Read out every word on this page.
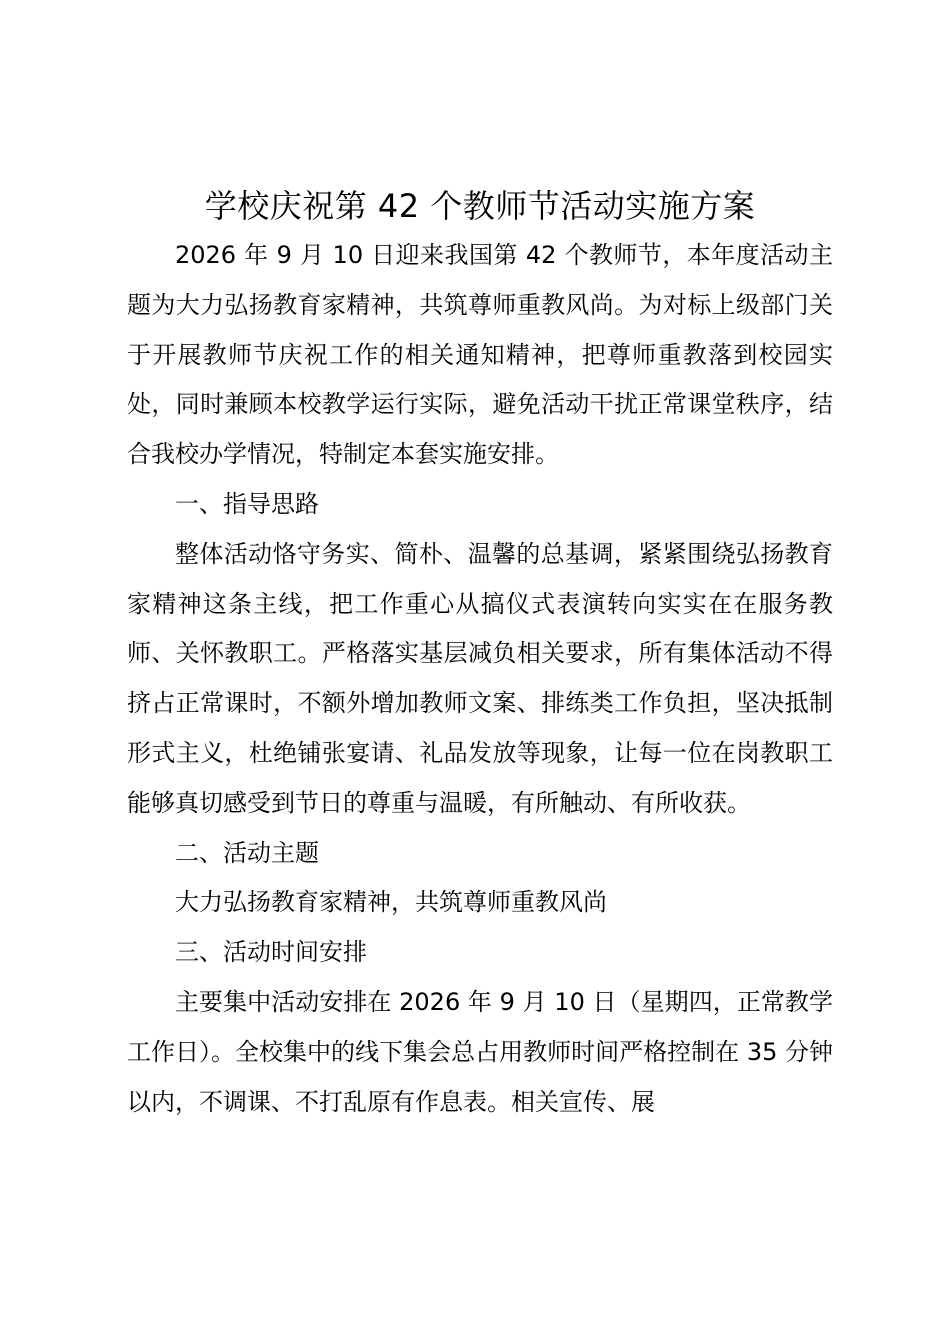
学校庆祝第 42 个教师节活动实施方案

2026 年 9 月 10 日迎来我国第 42 个教师节，本年度活动主题为大力弘扬教育家精神，共筑尊师重教风尚。为对标上级部门关于开展教师节庆祝工作的相关通知精神，把尊师重教落到校园实处，同时兼顾本校教学运行实际，避免活动干扰正常课堂秩序，结合我校办学情况，特制定本套实施安排。

一、指导思路

整体活动恪守务实、简朴、温馨的总基调，紧紧围绕弘扬教育家精神这条主线，把工作重心从搞仪式表演转向实实在在服务教师、关怀教职工。严格落实基层减负相关要求，所有集体活动不得挤占正常课时，不额外增加教师文案、排练类工作负担，坚决抵制形式主义，杜绝铺张宴请、礼品发放等现象，让每一位在岗教职工能够真切感受到节日的尊重与温暖，有所触动、有所收获。

二、活动主题

大力弘扬教育家精神，共筑尊师重教风尚

三、活动时间安排

主要集中活动安排在 2026 年 9 月 10 日（星期四，正常教学工作日）。全校集中的线下集会总占用教师时间严格控制在 35 分钟以内，不调课、不打乱原有作息表。相关宣传、展
